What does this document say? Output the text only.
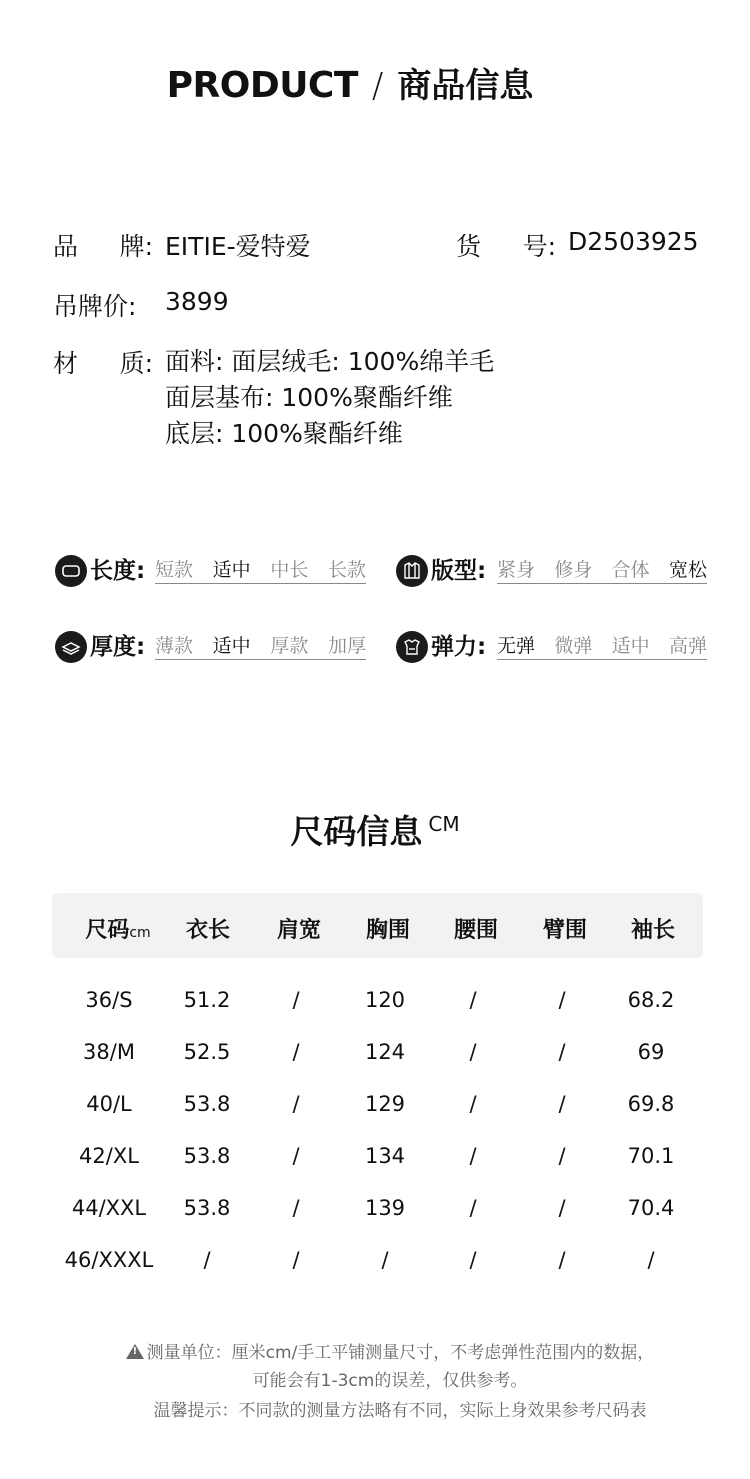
PRODUCT / 商品信息
品 牌: EITIE-爱特爱	货 号: D2503925
吊牌价:	3899
材 质: 面料: 面层绒毛: 100%绵羊毛
面层基布: 100%聚酯纤维
底层: 100%聚酯纤维
长度: 短款 适中 中长 长款	版型: 紧身 修身 合体 宽松
厚度: 薄款 适中 厚款 加厚	弹力: 无弹 微弹 适中 高弹
尺码信息 CM
尺码cm	衣长	肩宽	胸围	腰围	臂围	袖长
36/S	51.2	/	120	/	/	68.2
38/M	52.5	/	124	/	/	69
40/L	53.8	/	129	/	/	69.8
42/XL	53.8	/	134	/	/	70.1
44/XXL	53.8	/	139	/	/	70.4
46/XXXL	/	/	/	/	/	/
!测量单位：厘米cm/手工平铺测量尺寸，不考虑弹性范围内的数据，
可能会有1-3cm的误差，仅供参考。
温馨提示：不同款的测量方法略有不同，实际上身效果参考尺码表
